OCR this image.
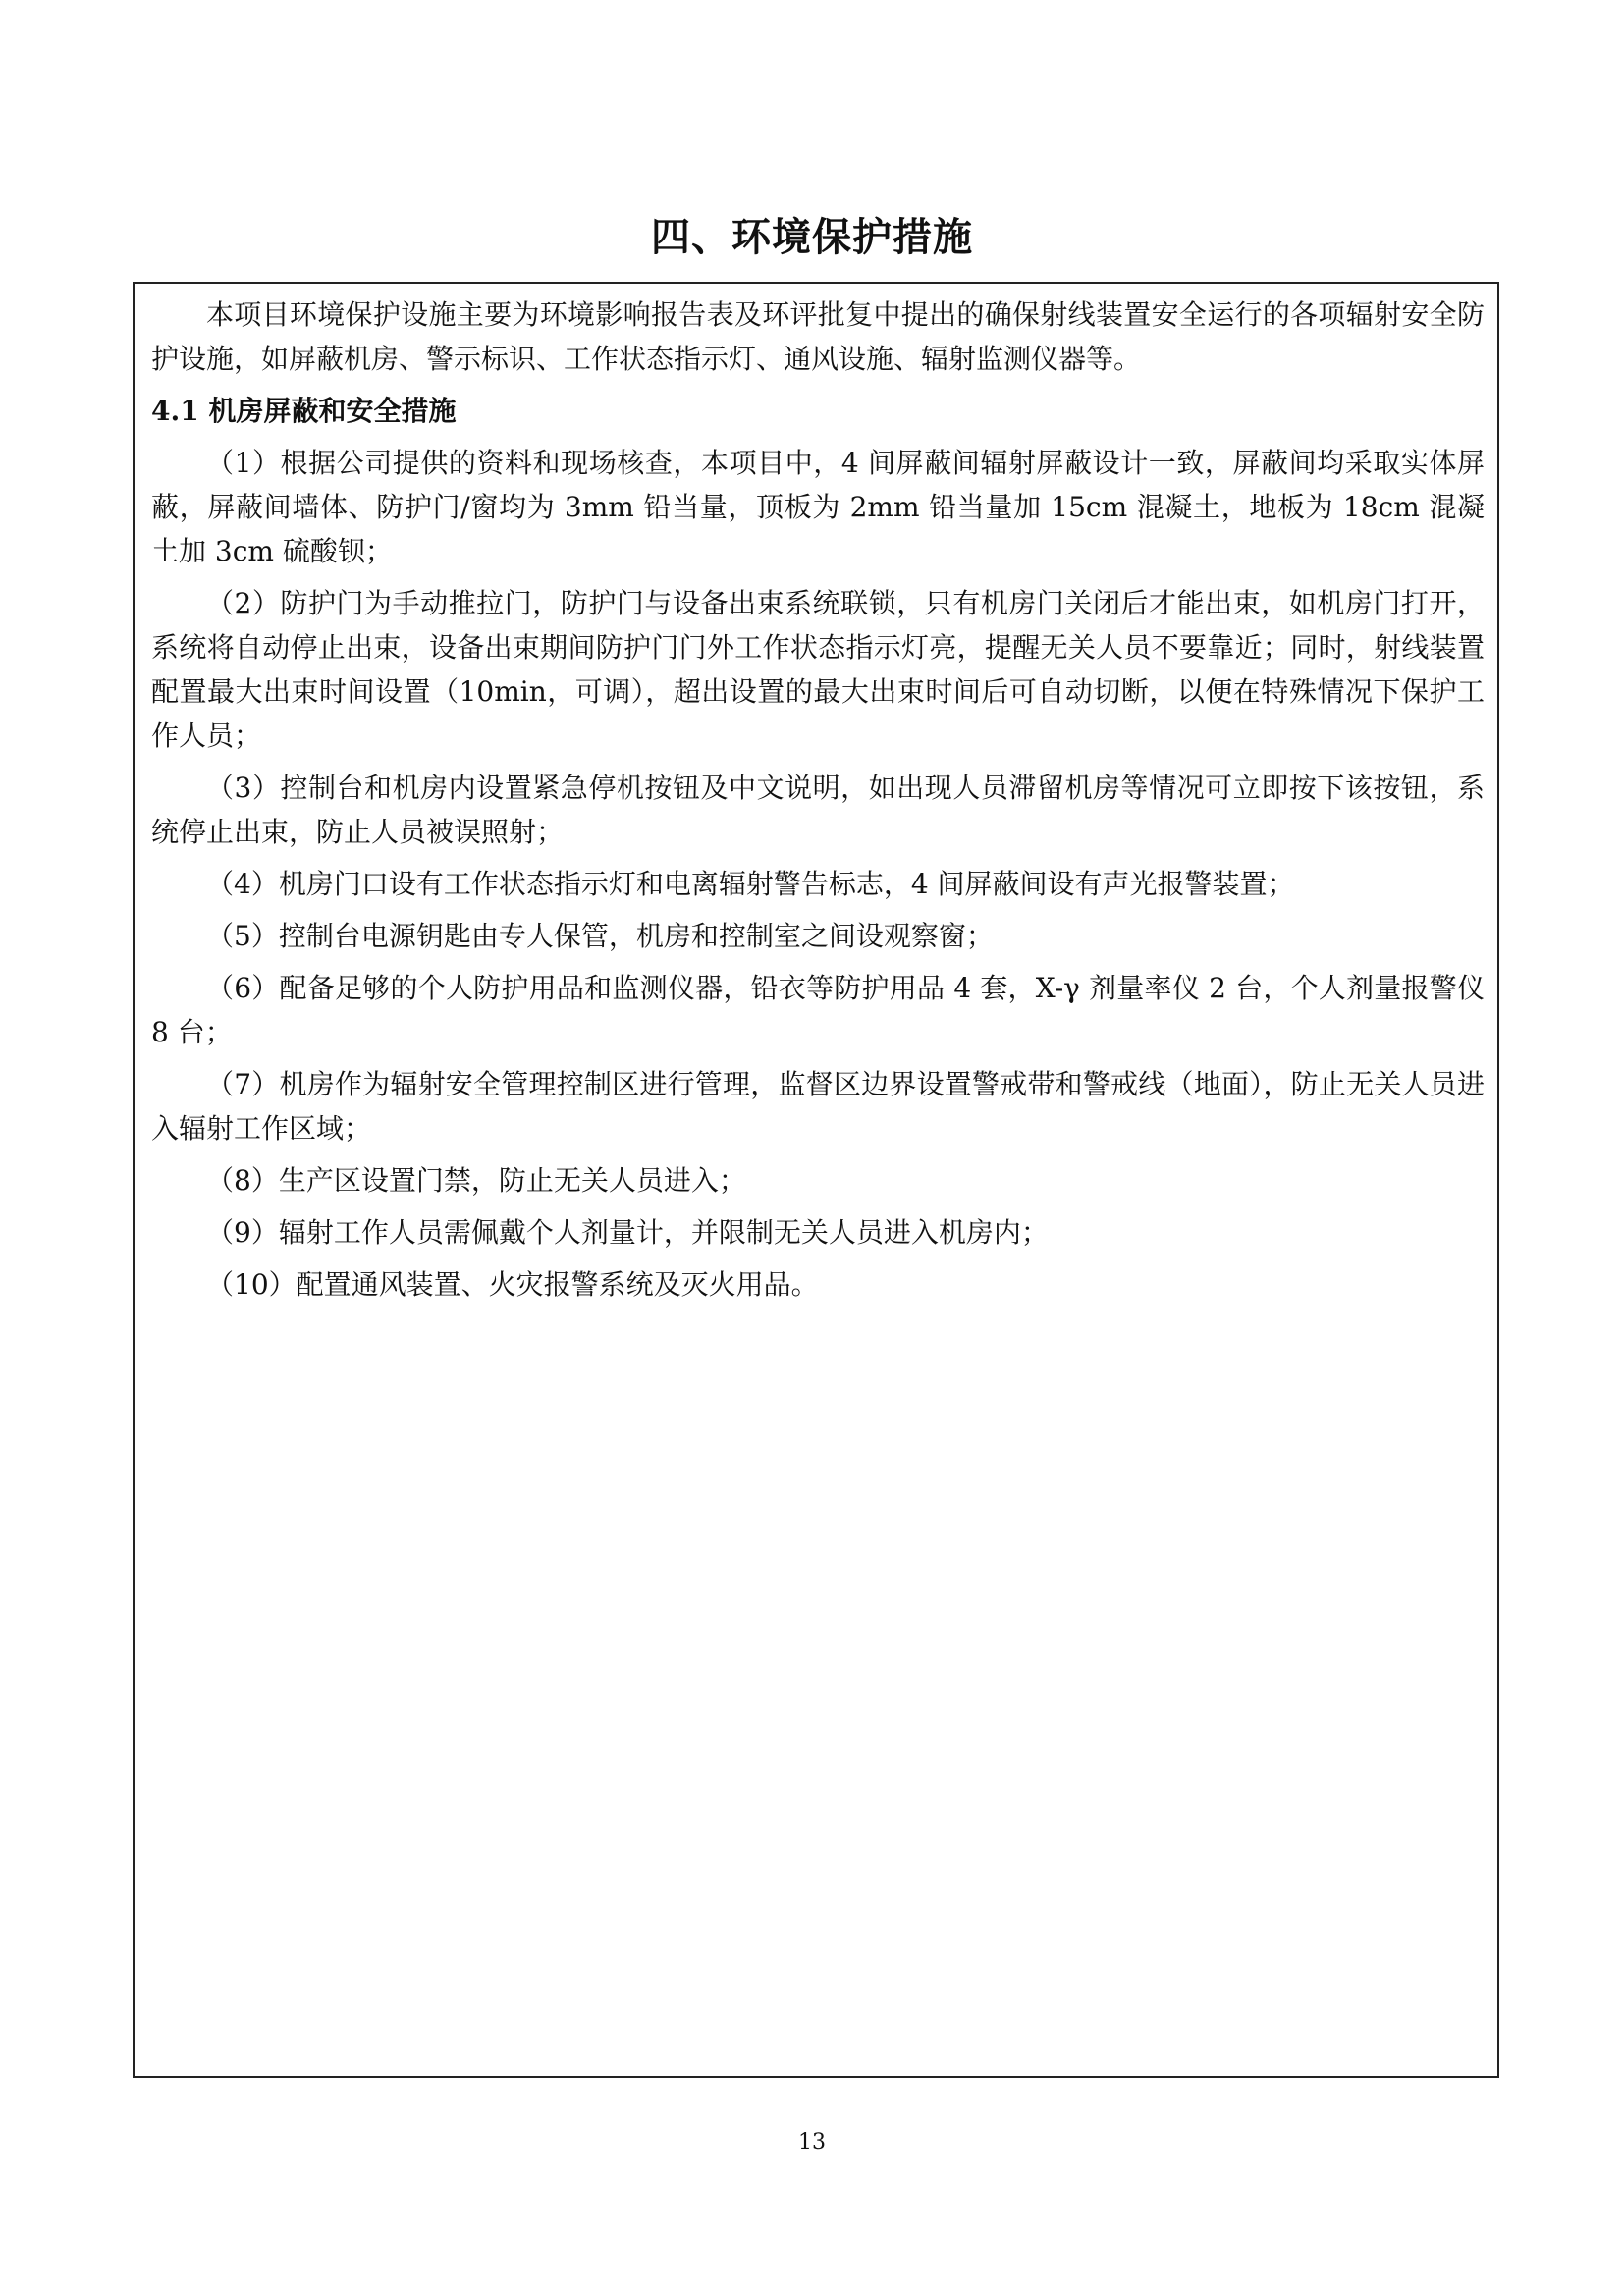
四、环境保护措施

本项目环境保护设施主要为环境影响报告表及环评批复中提出的确保射线装置安全运行的各项辐射安全防护设施，如屏蔽机房、警示标识、工作状态指示灯、通风设施、辐射监测仪器等。

4.1 机房屏蔽和安全措施

（1）根据公司提供的资料和现场核查，本项目中，4 间屏蔽间辐射屏蔽设计一致，屏蔽间均采取实体屏蔽，屏蔽间墙体、防护门/窗均为 3mm 铅当量，顶板为 2mm 铅当量加 15cm 混凝土，地板为 18cm 混凝土加 3cm 硫酸钡；

（2）防护门为手动推拉门，防护门与设备出束系统联锁，只有机房门关闭后才能出束，如机房门打开，系统将自动停止出束，设备出束期间防护门门外工作状态指示灯亮，提醒无关人员不要靠近；同时，射线装置配置最大出束时间设置（10min，可调），超出设置的最大出束时间后可自动切断，以便在特殊情况下保护工作人员；

（3）控制台和机房内设置紧急停机按钮及中文说明，如出现人员滞留机房等情况可立即按下该按钮，系统停止出束，防止人员被误照射；

（4）机房门口设有工作状态指示灯和电离辐射警告标志，4 间屏蔽间设有声光报警装置；

（5）控制台电源钥匙由专人保管，机房和控制室之间设观察窗；

（6）配备足够的个人防护用品和监测仪器，铅衣等防护用品 4 套，X-γ 剂量率仪 2 台，个人剂量报警仪 8 台；

（7）机房作为辐射安全管理控制区进行管理，监督区边界设置警戒带和警戒线（地面），防止无关人员进入辐射工作区域；

（8）生产区设置门禁，防止无关人员进入；

（9）辐射工作人员需佩戴个人剂量计，并限制无关人员进入机房内；

（10）配置通风装置、火灾报警系统及灭火用品。

13
